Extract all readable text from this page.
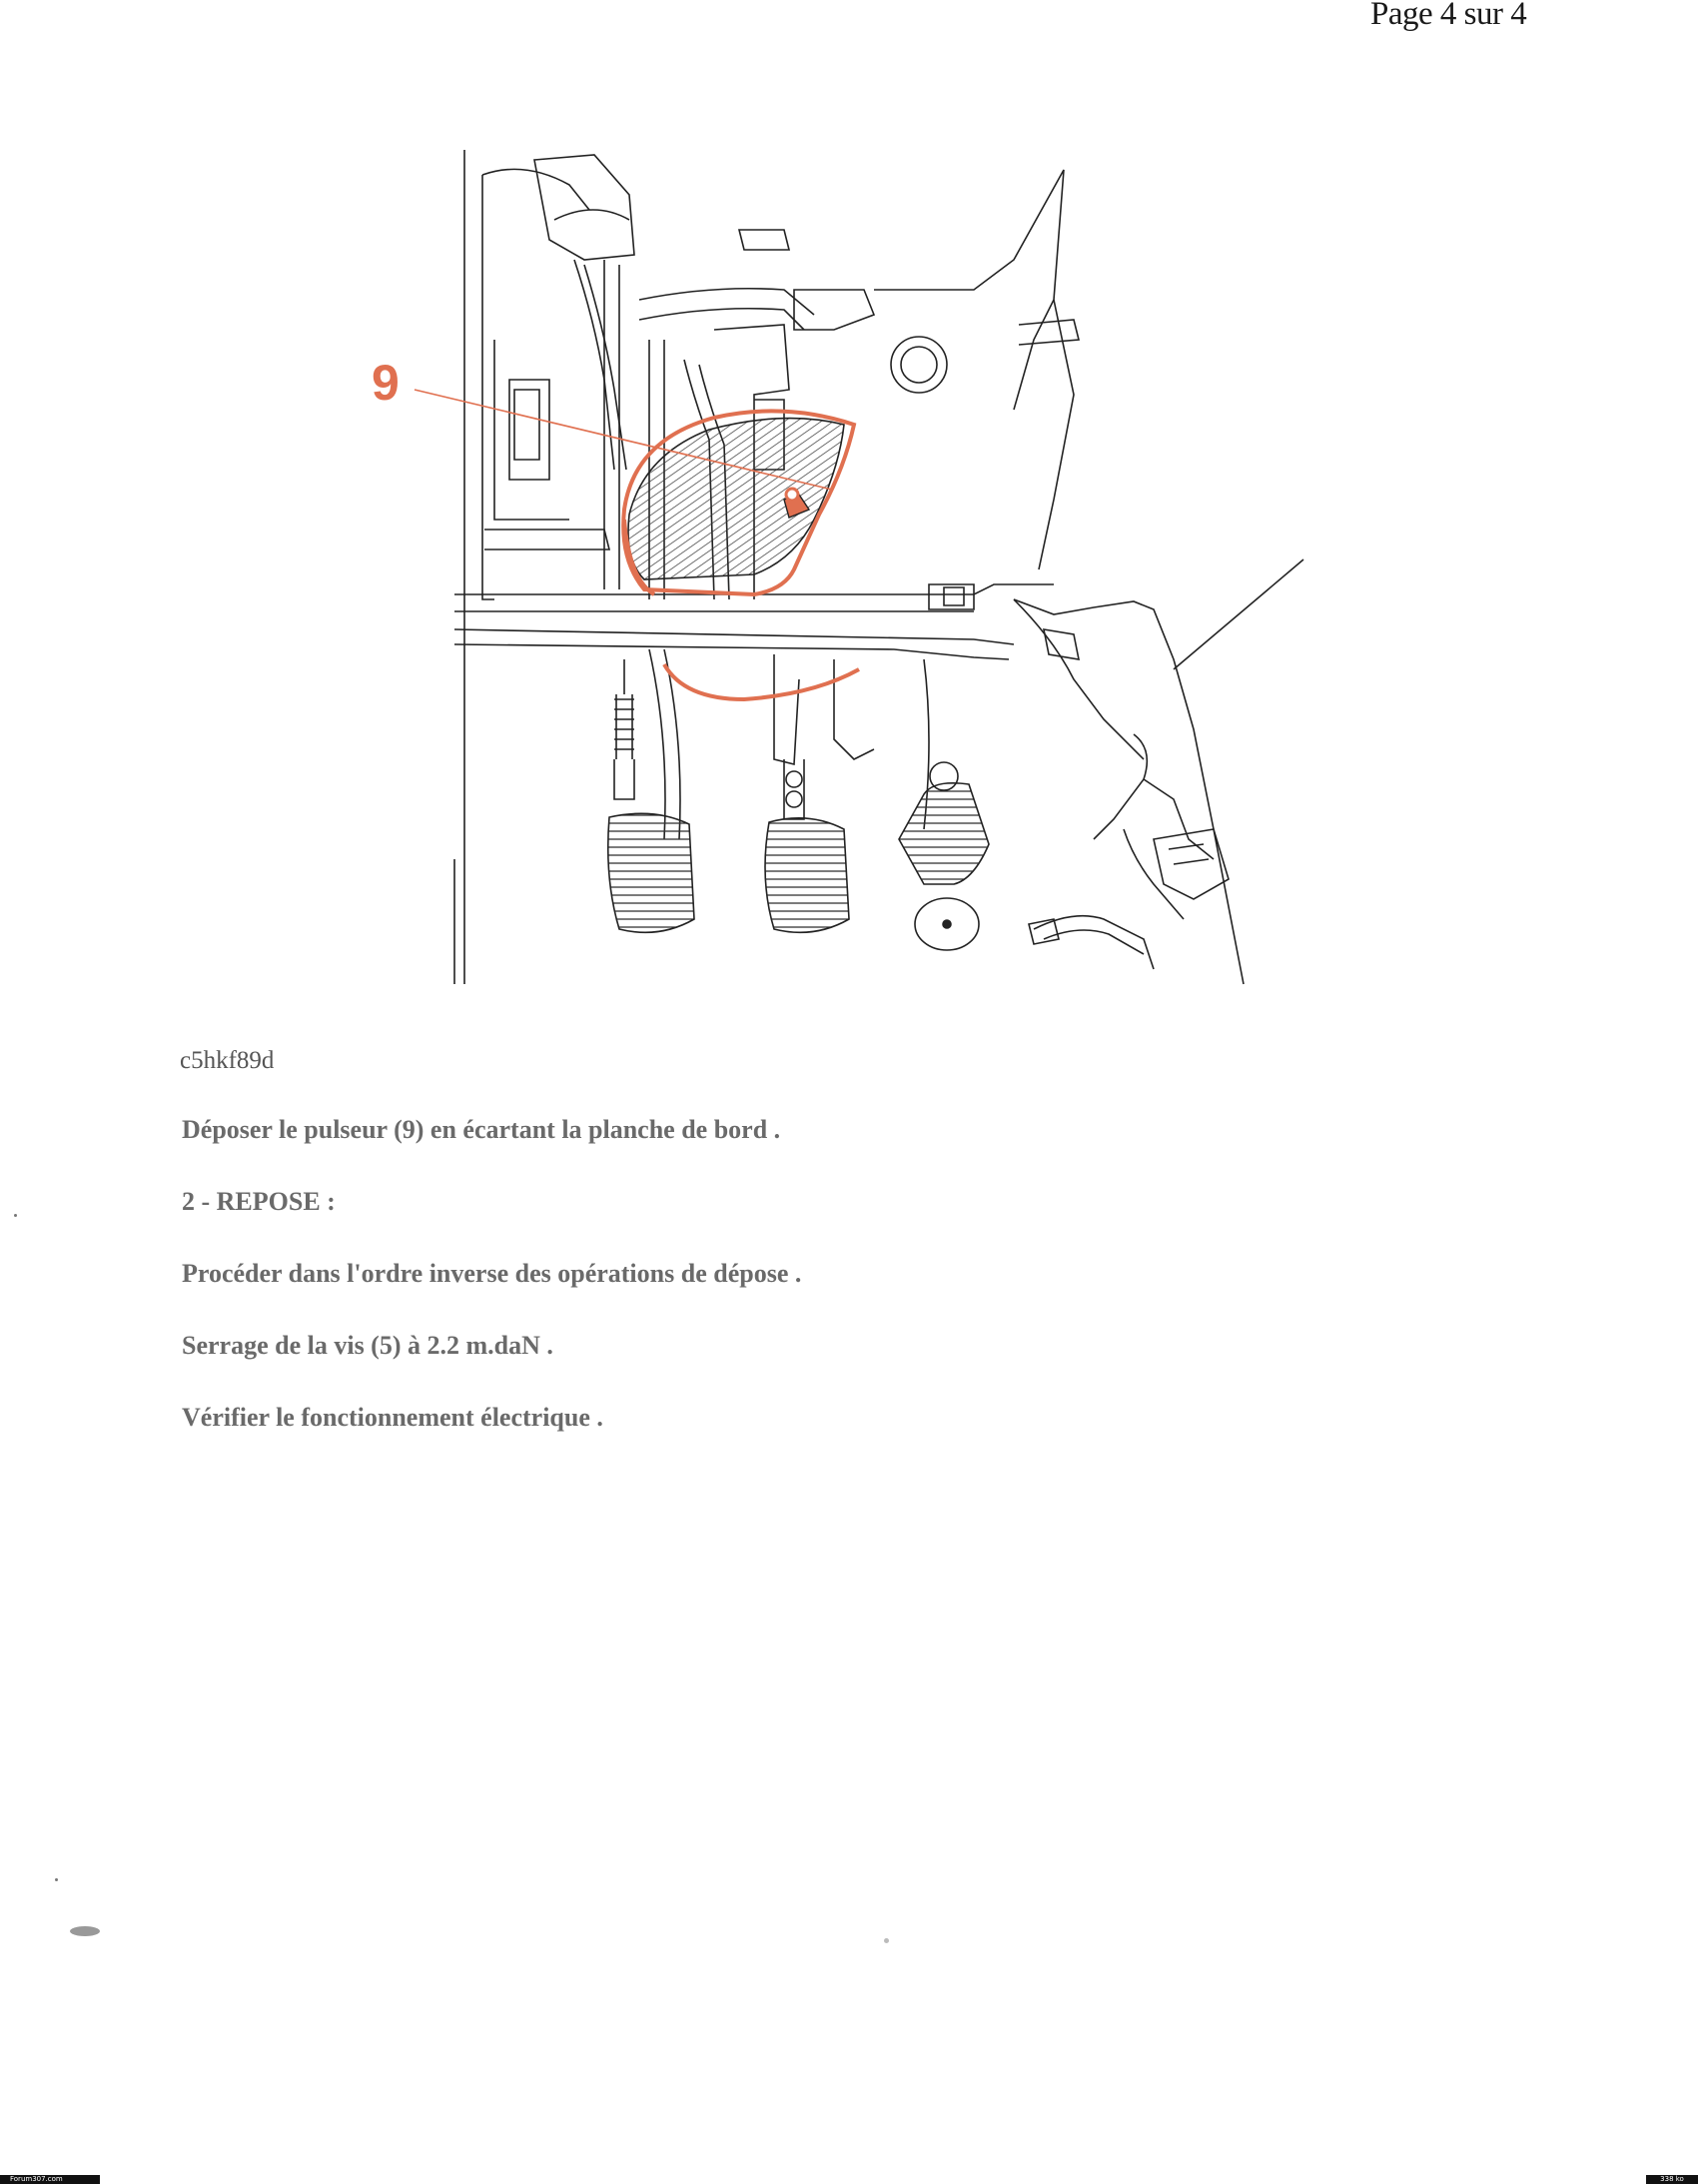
Page 4 sur 4
9
c5hkf89d
Déposer le pulseur (9) en écartant la planche de bord .
2 - REPOSE :
Procéder dans l'ordre inverse des opérations de dépose .
Serrage de la vis (5) à 2.2 m.daN .
Vérifier le fonctionnement électrique .
Forum307.com	338 ko
